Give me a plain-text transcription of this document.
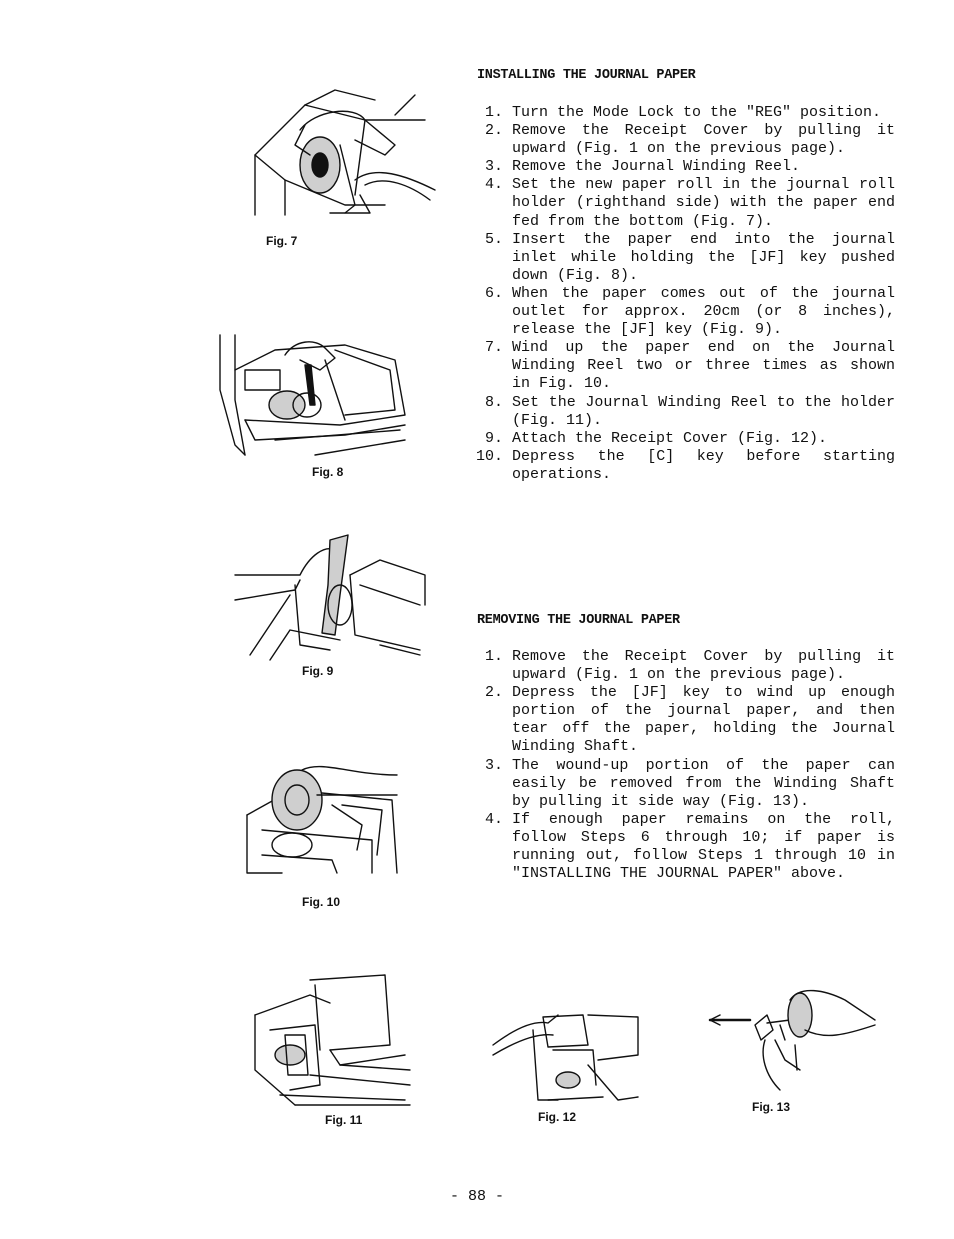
INSTALLING THE JOURNAL PAPER
1. Turn the Mode Lock to the "REG" position.
2. Remove the Receipt Cover by pulling it upward (Fig. 1 on the previous page).
3. Remove the Journal Winding Reel.
4. Set the new paper roll in the journal roll holder (righthand side) with the paper end fed from the bottom (Fig. 7).
5. Insert the paper end into the journal inlet while holding the [JF] key pushed down (Fig. 8).
6. When the paper comes out of the journal outlet for approx. 20cm (or 8 inches), release the [JF] key (Fig. 9).
7. Wind up the paper end on the Journal Winding Reel two or three times as shown in Fig. 10.
8. Set the Journal Winding Reel to the holder (Fig. 11).
9. Attach the Receipt Cover (Fig. 12).
10. Depress the [C] key before starting operations.
REMOVING THE JOURNAL PAPER
1. Remove the Receipt Cover by pulling it upward (Fig. 1 on the previous page).
2. Depress the [JF] key to wind up enough portion of the journal paper, and then tear off the paper, holding the Journal Winding Shaft.
3. The wound-up portion of the paper can easily be removed from the Winding Shaft by pulling it side way (Fig. 13).
4. If enough paper remains on the roll, follow Steps 6 through 10; if paper is running out, follow Steps 1 through 10 in "INSTALLING THE JOURNAL PAPER" above.
Fig. 7
Fig. 8
Fig. 9
Fig. 10
Fig. 11	Fig. 12
Fig. 13
- 88 -
